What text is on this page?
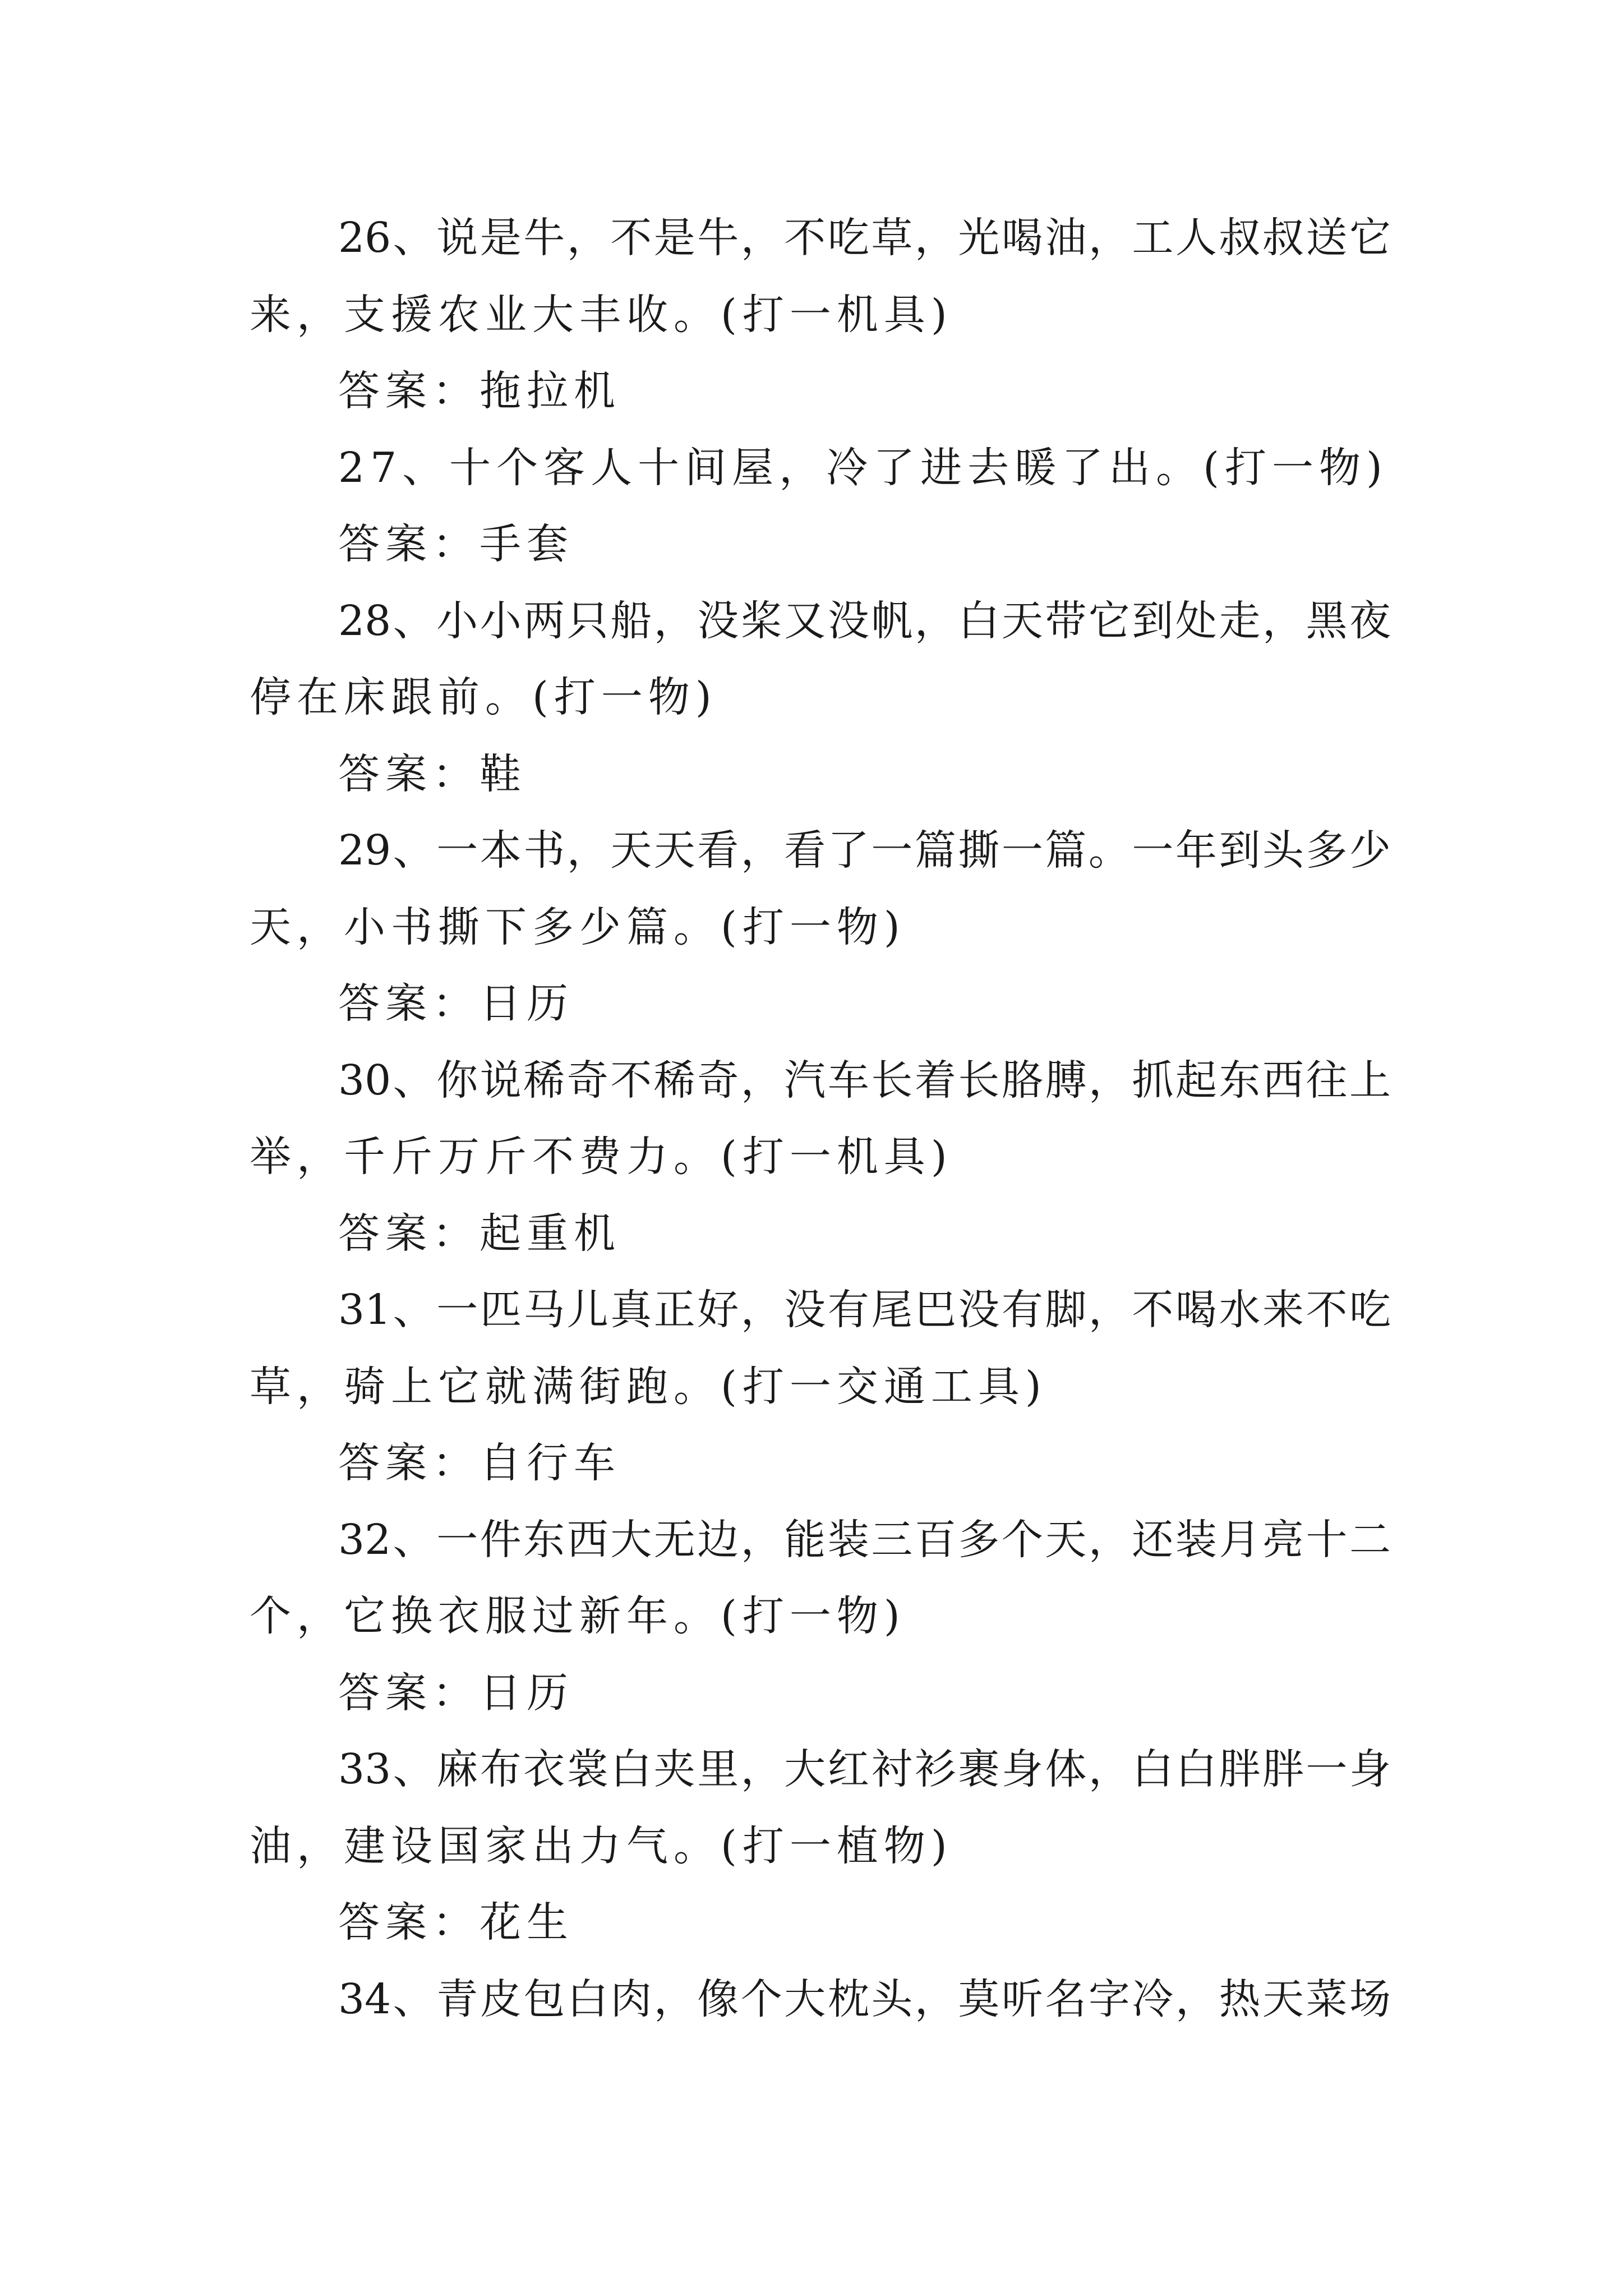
26、说是牛，不是牛，不吃草，光喝油，工人叔叔送它
来，支援农业大丰收。(打一机具)
答案：拖拉机
27、十个客人十间屋，冷了进去暖了出。(打一物)
答案：手套
28、小小两只船，没桨又没帆，白天带它到处走，黑夜
停在床跟前。(打一物)
答案：鞋
29、一本书，天天看，看了一篇撕一篇。一年到头多少
天，小书撕下多少篇。(打一物)
答案：日历
30、你说稀奇不稀奇，汽车长着长胳膊，抓起东西往上
举，千斤万斤不费力。(打一机具)
答案：起重机
31、一匹马儿真正好，没有尾巴没有脚，不喝水来不吃
草，骑上它就满街跑。(打一交通工具)
答案：自行车
32、一件东西大无边，能装三百多个天，还装月亮十二
个，它换衣服过新年。(打一物)
答案：日历
33、麻布衣裳白夹里，大红衬衫裹身体，白白胖胖一身
油，建设国家出力气。(打一植物)
答案：花生
34、青皮包白肉，像个大枕头，莫听名字冷，热天菜场
